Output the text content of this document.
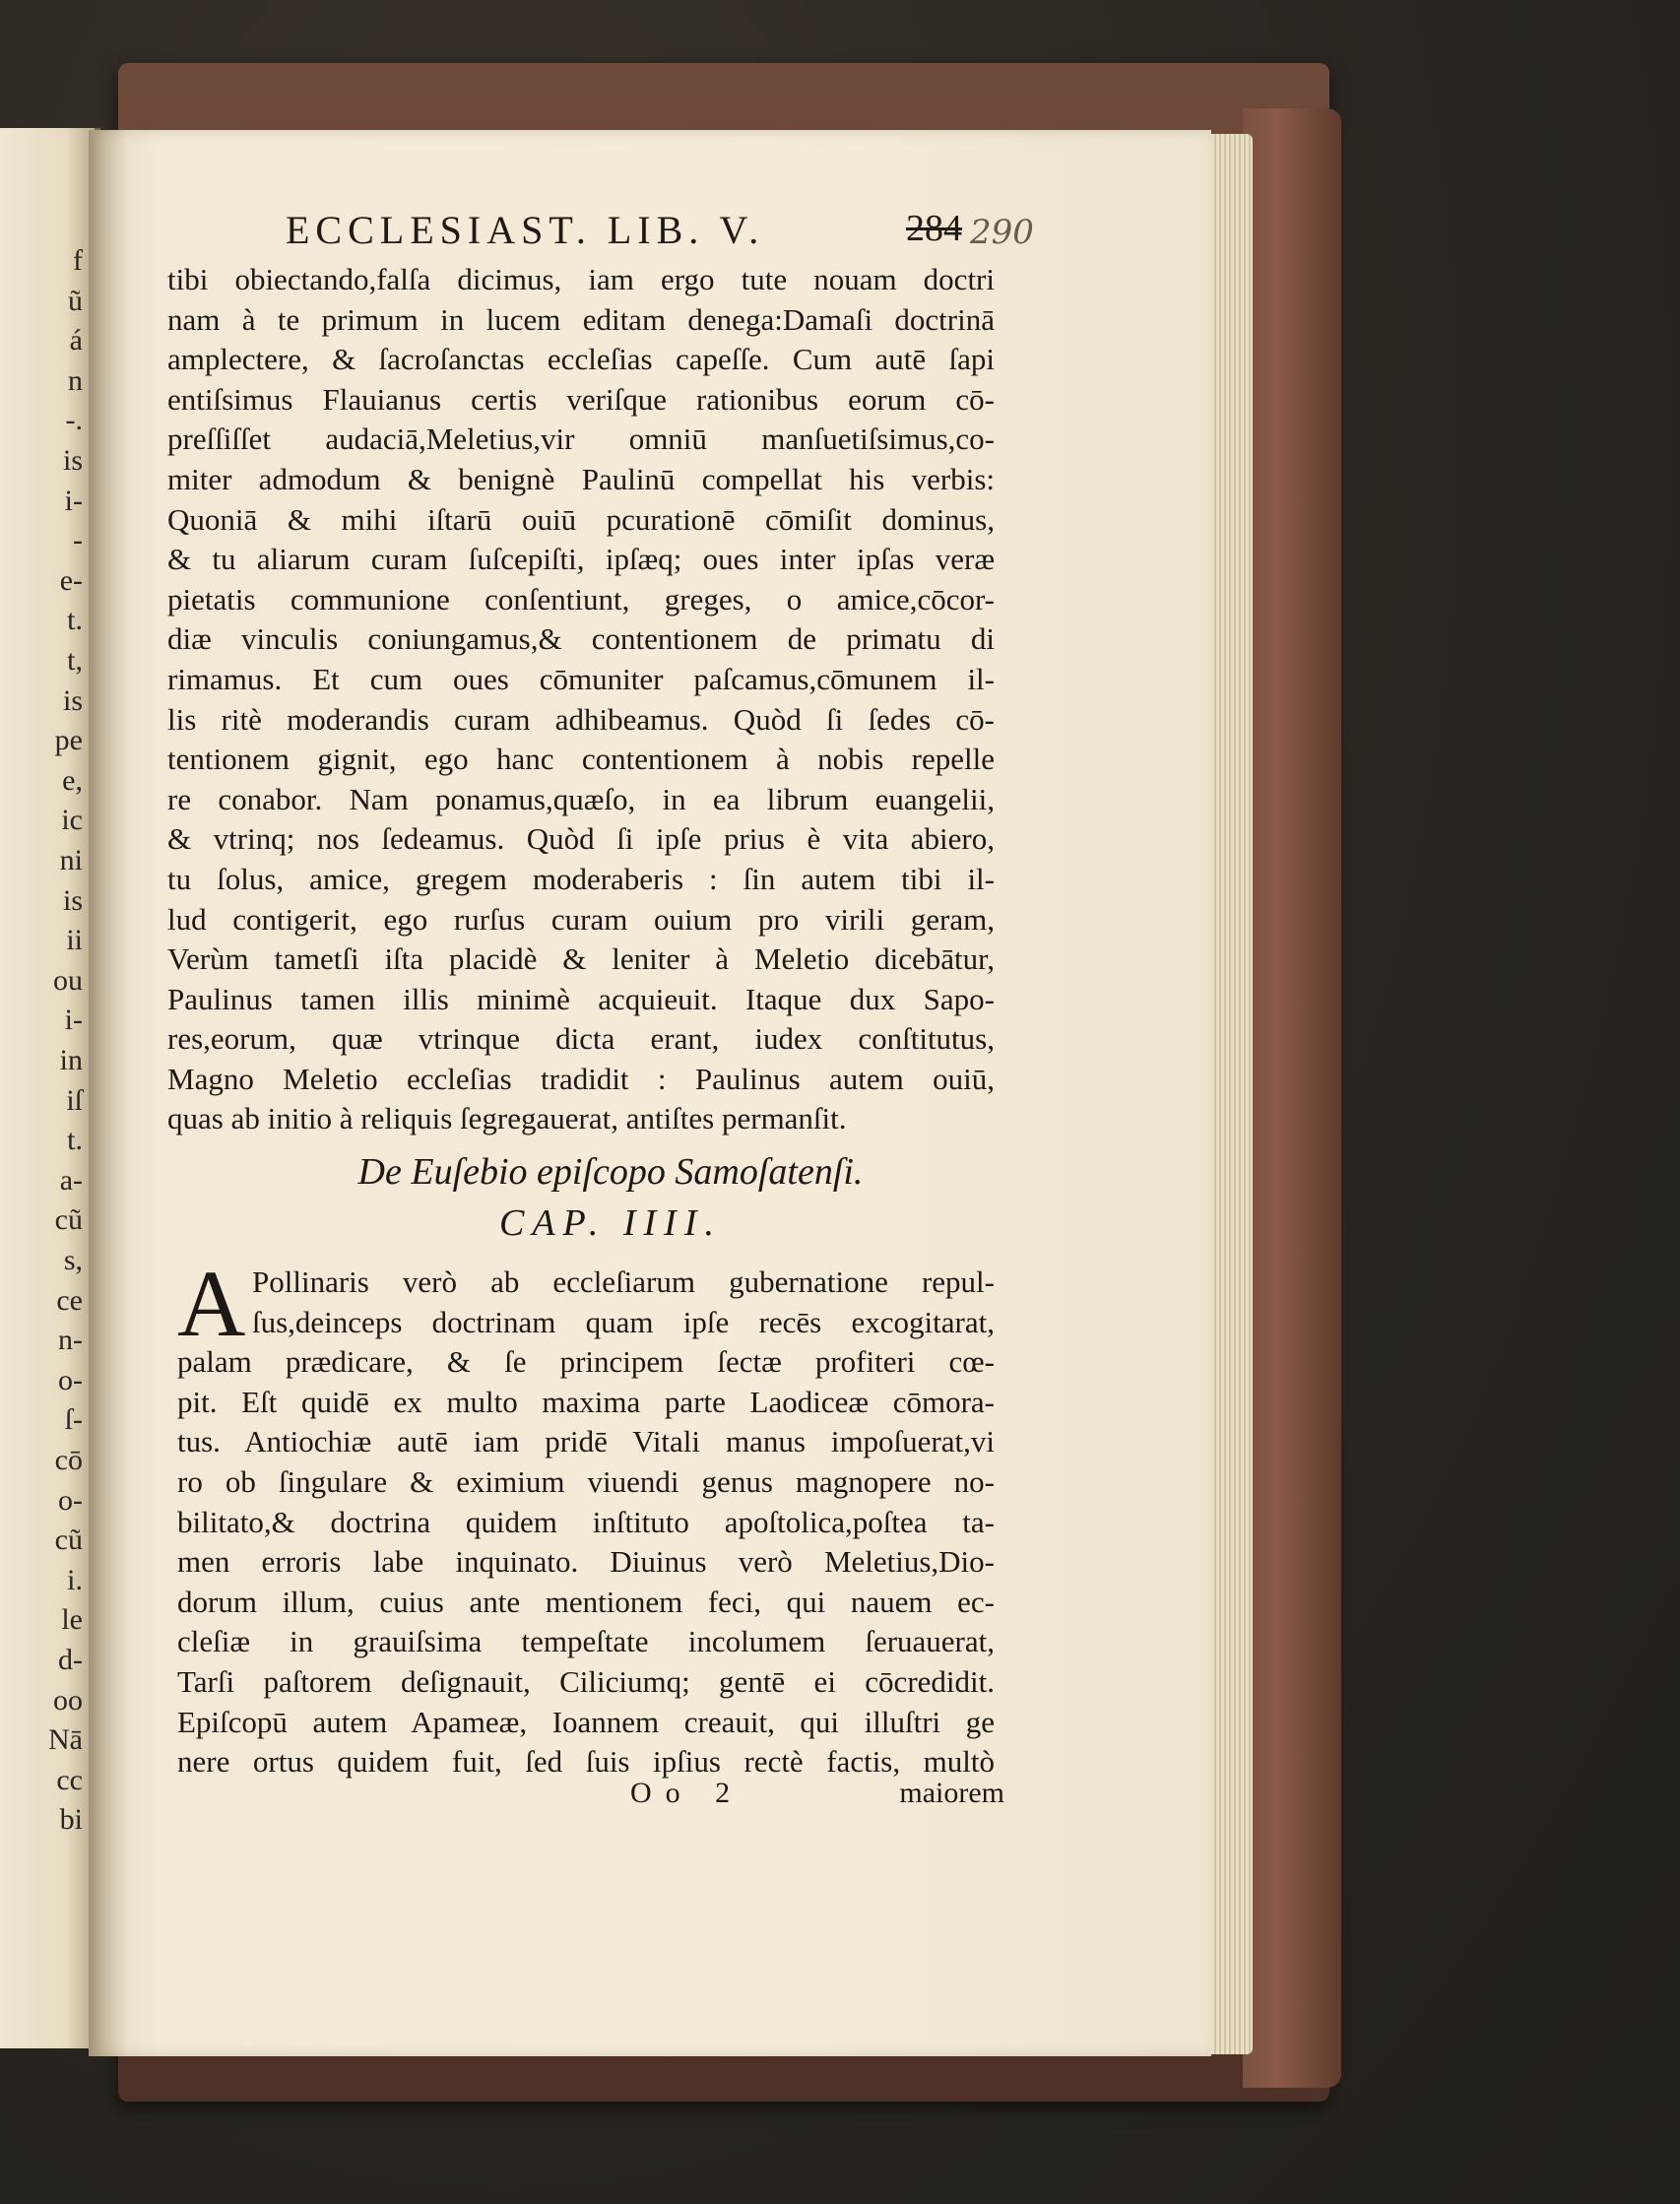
f
ũ
á
n
-.
is
i-
-
e-
t.
t,
is
pe
e,
ic
ni
is
ii
ou
i-
in
iſ
t.
a-
cũ
s,
ce
n-
o-
ſ-
cō
o-
cũ
i.
le
d-
oo
Nā
cc
bi
ECCLESIAST. LIB. V.	284 290
tibi obiectando,falſa dicimus, iam ergo tute nouam doctri
nam à te primum in lucem editam denega:Damaſi doctrinā
amplectere, & ſacroſanctas eccleſias capeſſe. Cum autē ſapi
entiſsimus Flauianus certis veriſque rationibus eorum cō-
preſſiſſet audaciā,Meletius,vir omniū manſuetiſsimus,co-
miter admodum & benignè Paulinū compellat his verbis:
Quoniā & mihi iſtarū ouiū pcurationē cōmiſit dominus,
& tu aliarum curam ſuſcepiſti, ipſæq; oues inter ipſas veræ
pietatis communione conſentiunt, greges, o amice,cōcor-
diæ vinculis coniungamus,& contentionem de primatu di
rimamus. Et cum oues cōmuniter paſcamus,cōmunem il-
lis ritè moderandis curam adhibeamus. Quòd ſi ſedes cō-
tentionem gignit, ego hanc contentionem à nobis repelle
re conabor. Nam ponamus,quæſo, in ea librum euangelii,
& vtrinq; nos ſedeamus. Quòd ſi ipſe prius è vita abiero,
tu ſolus, amice, gregem moderaberis : ſin autem tibi il-
lud contigerit, ego rurſus curam ouium pro virili geram,
Verùm tametſi iſta placidè & leniter à Meletio dicebātur,
Paulinus tamen illis minimè acquieuit. Itaque dux Sapo-
res,eorum, quæ vtrinque dicta erant, iudex conſtitutus,
Magno Meletio eccleſias tradidit : Paulinus autem ouiū,
quas ab initio à reliquis ſegregauerat, antiſtes permanſit.
De Euſebio epiſcopo Samoſatenſi.
CAP. IIII.
A Pollinaris verò ab eccleſiarum gubernatione repul-
ſus,deinceps doctrinam quam ipſe recēs excogitarat,
palam prædicare, & ſe principem ſectæ profiteri cœ-
pit. Eſt quidē ex multo maxima parte Laodiceæ cōmora-
tus. Antiochiæ autē iam pridē Vitali manus impoſuerat,vi
ro ob ſingulare & eximium viuendi genus magnopere no-
bilitato,& doctrina quidem inſtituto apoſtolica,poſtea ta-
men erroris labe inquinato. Diuinus verò Meletius,Dio-
dorum illum, cuius ante mentionem feci, qui nauem ec-
cleſiæ in grauiſsima tempeſtate incolumem ſeruauerat,
Tarſi paſtorem deſignauit, Ciliciumq; gentē ei cōcredidit.
Epiſcopū autem Apameæ, Ioannem creauit, qui illuſtri ge
nere ortus quidem fuit, ſed ſuis ipſius rectè factis, multò
Oo 2	maiorem
